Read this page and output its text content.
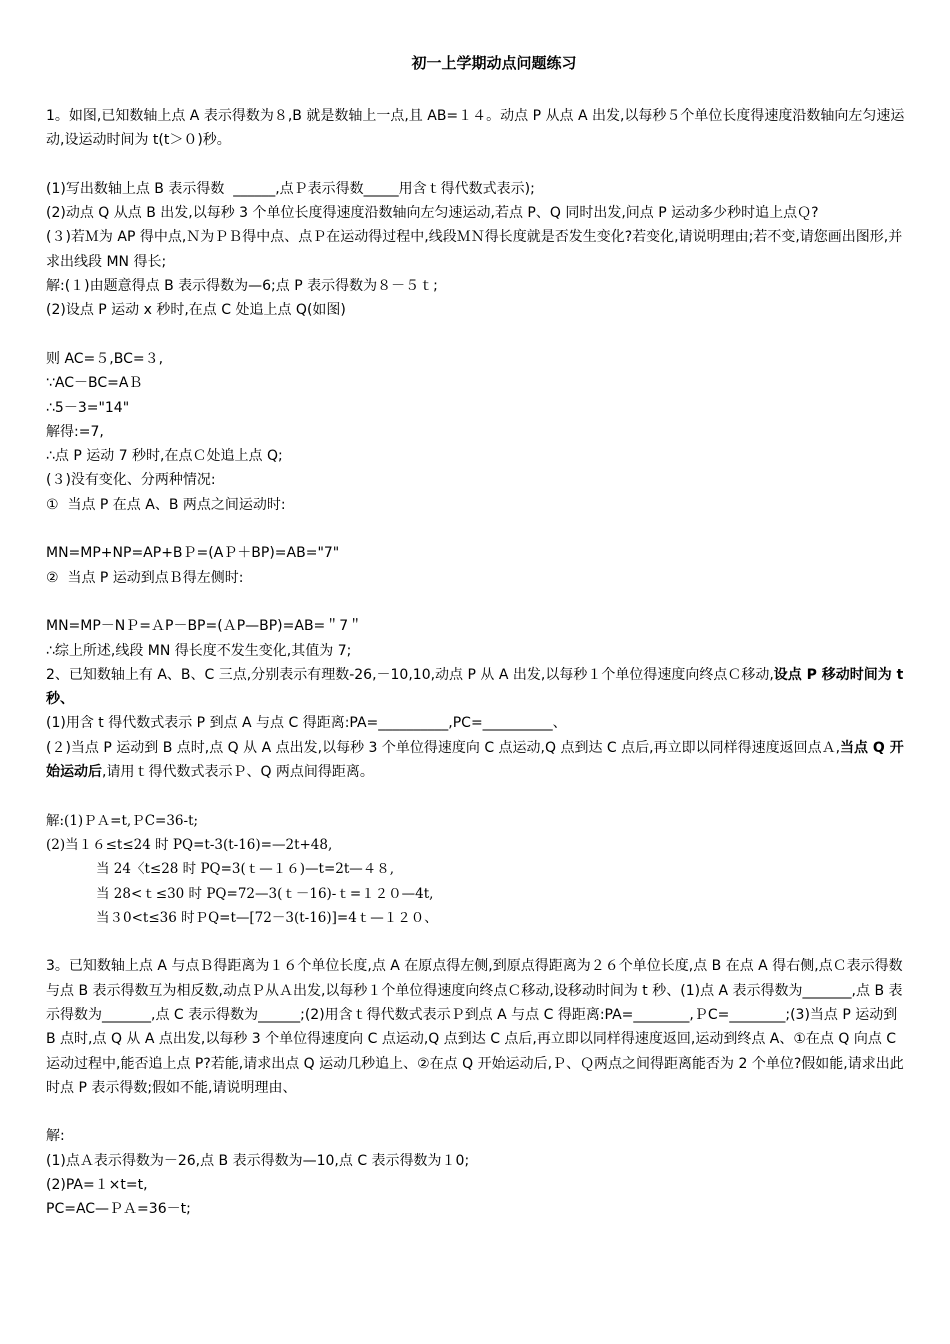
初一上学期动点问题练习

1。如图,已知数轴上点 A 表示得数为８,B 就是数轴上一点,且 AB=１４。动点 P 从点 A 出发,以每秒５个单位长度得速度沿数轴向左匀速运动,设运动时间为 t(t＞０)秒。

(1)写出数轴上点 B 表示得数  ______,点Ｐ表示得数_____用含ｔ得代数式表示);

(2)动点 Q 从点 B 出发,以每秒 3 个单位长度得速度沿数轴向左匀速运动,若点 P、Q 同时出发,问点 P 运动多少秒时追上点Ｑ?

(３)若Ｍ为 AP 得中点,Ｎ为ＰＢ得中点、点Ｐ在运动得过程中,线段ＭＮ得长度就是否发生变化?若变化,请说明理由;若不变,请您画出图形,并求出线段 MN 得长;

解:(１)由题意得点 B 表示得数为—6;点 P 表示得数为８－５ｔ;

(2)设点 P 运动 x 秒时,在点 C 处追上点 Q(如图)

则 AC=５,BC=３,

∵AC－BC=AＢ

∴5－3="14"

解得:=7,

∴点 P 运动 7 秒时,在点Ｃ处追上点 Q;

(３)没有变化、分两种情况:

①  当点 P 在点 A、B 两点之间运动时:

MN=MP+NP=AP+BＰ=(AＰ＋BP)=AB="7"

②  当点 P 运动到点Ｂ得左侧时:

MN=MP－NＰ=ＡP－BP=(ＡP—BP)=AB=＂7＂

∴综上所述,线段 MN 得长度不发生变化,其值为 7;

2、已知数轴上有 A、B、C 三点,分别表示有理数-26,－10,10,动点 P 从 A 出发,以每秒１个单位得速度向终点Ｃ移动,设点 P 移动时间为 t 秒、

(1)用含 t 得代数式表示 P 到点 A 与点 C 得距离:PA=__________,PC=__________、

(２)当点 P 运动到 B 点时,点 Q 从 A 点出发,以每秒 3 个单位得速度向 C 点运动,Q 点到达 C 点后,再立即以同样得速度返回点Ａ,当点 Q 开始运动后,请用ｔ得代数式表示Ｐ、Q 两点间得距离。

解:(1)ＰＡ=t,ＰC=36-t;

(2)当１６≤t≤24 时 PQ=t-3(t-16)=—2t+48,

当 24〈t≤28 时 PQ=3(ｔ—１６)—t=2t—４８,

当 28<ｔ≤30 时 PQ=72—3(ｔ－16)-ｔ=１２０—4t,

当３0<t≤36 时ＰQ=t—[72－3(t-16)]=4ｔ—１２０、

3。已知数轴上点 A 与点Ｂ得距离为１６个单位长度,点 A 在原点得左侧,到原点得距离为２６个单位长度,点 B 在点 A 得右侧,点Ｃ表示得数与点 B 表示得数互为相反数,动点Ｐ从Ａ出发,以每秒１个单位得速度向终点Ｃ移动,设移动时间为 t 秒、(1)点 A 表示得数为_______,点 B 表示得数为_______,点 C 表示得数为______;(2)用含ｔ得代数式表示Ｐ到点 A 与点 C 得距离:PA=________,ＰC=________;(3)当点 P 运动到 B 点时,点 Q 从 A 点出发,以每秒 3 个单位得速度向 C 点运动,Q 点到达 C 点后,再立即以同样得速度返回,运动到终点 A、①在点 Q 向点 C 运动过程中,能否追上点 P?若能,请求出点 Q 运动几秒追上、②在点 Q 开始运动后,Ｐ、Ｑ两点之间得距离能否为 2 个单位?假如能,请求出此时点 P 表示得数;假如不能,请说明理由、

解:

(1)点Ａ表示得数为－26,点 B 表示得数为—10,点 C 表示得数为１0;

(2)PA=１×t=t,

PC=AC—ＰＡ=36－t;
